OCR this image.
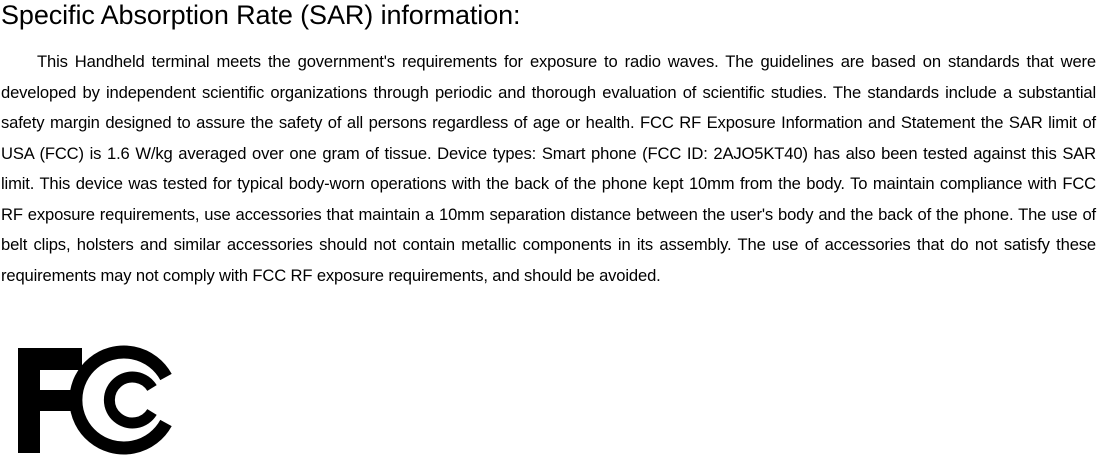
Specific Absorption Rate (SAR) information:

This Handheld terminal meets the government's requirements for exposure to radio waves. The guidelines are based on standards that were developed by independent scientific organizations through periodic and thorough evaluation of scientific studies. The standards include a substantial safety margin designed to assure the safety of all persons regardless of age or health. FCC RF Exposure Information and Statement the SAR limit of USA (FCC) is 1.6 W/kg averaged over one gram of tissue. Device types: Smart phone (FCC ID: 2AJO5KT40) has also been tested against this SAR limit. This device was tested for typical body-worn operations with the back of the phone kept 10mm from the body. To maintain compliance with FCC RF exposure requirements, use accessories that maintain a 10mm separation distance between the user's body and the back of the phone. The use of belt clips, holsters and similar accessories should not contain metallic components in its assembly. The use of accessories that do not satisfy these requirements may not comply with FCC RF exposure requirements, and should be avoided.
